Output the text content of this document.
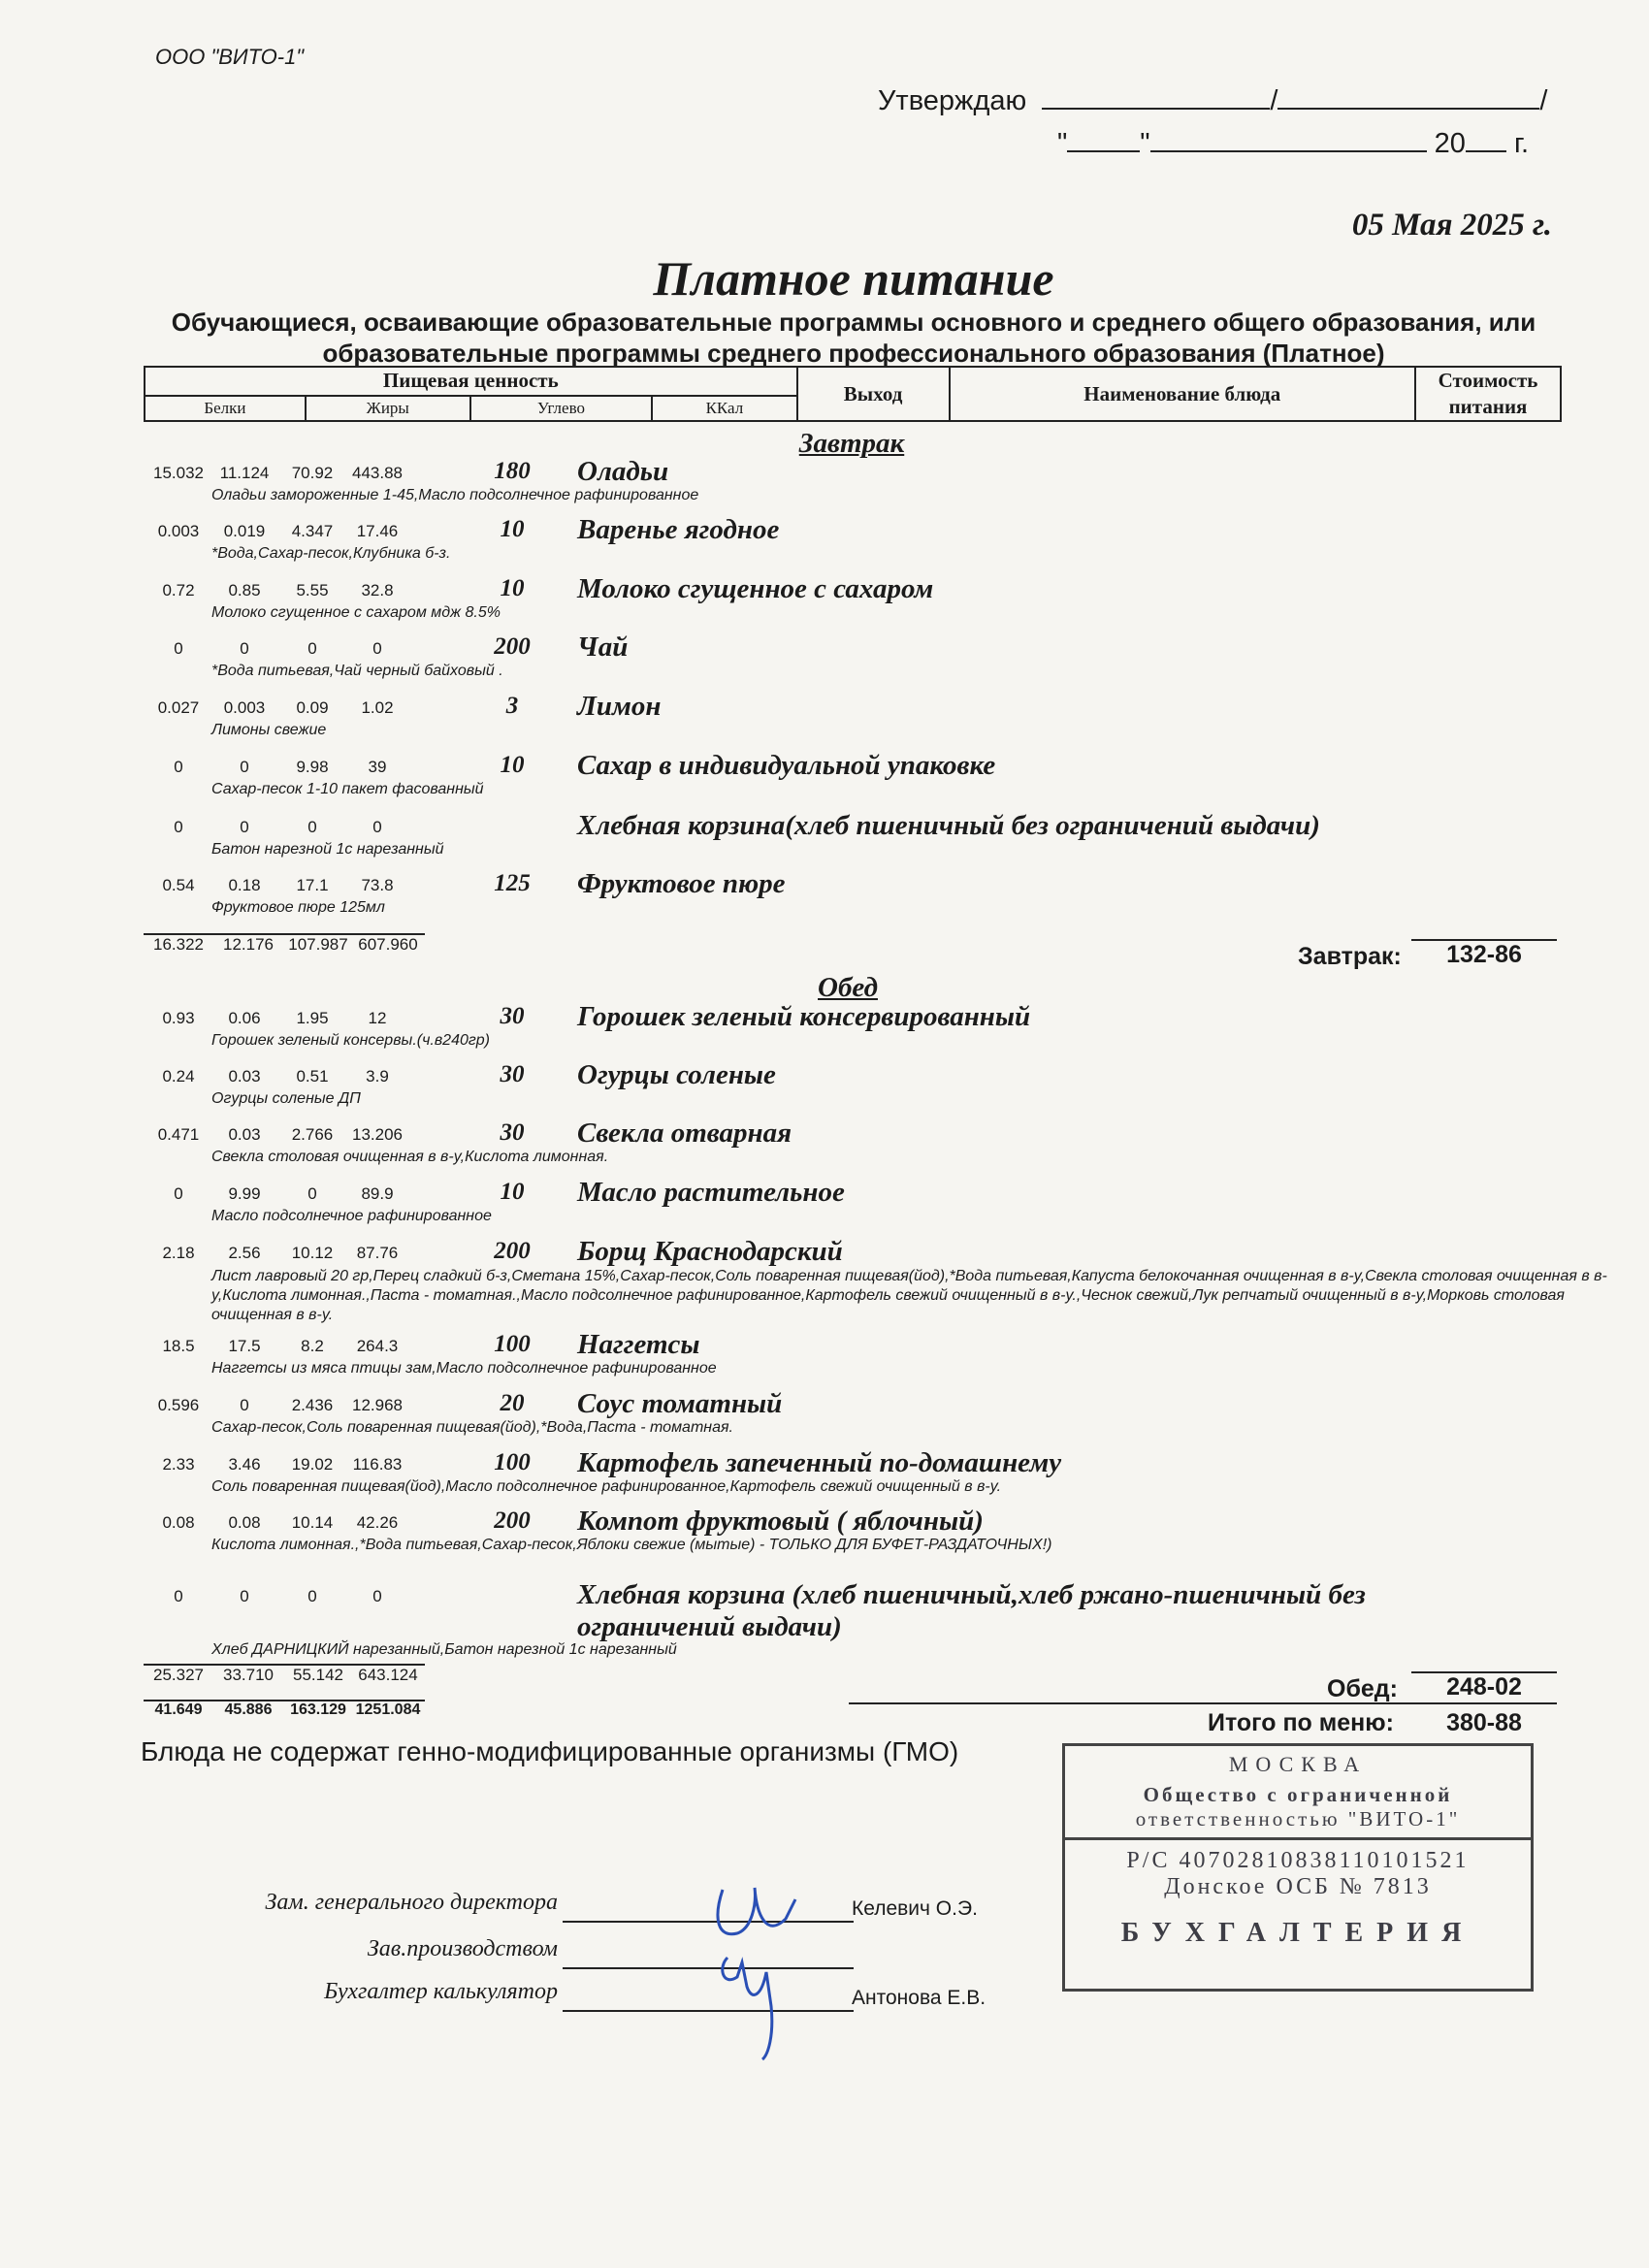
ООО "ВИТО-1"
Утверждаю	/	/
"	"	20 г.
05 Мая 2025 г.
Платное питание
Обучающиеся, осваивающие образовательные программы основного и среднего общего образования, или образовательные программы среднего профессионального образования (Платное)
Пищевая ценность				Выход	Наименование блюда	Стоимость питания
Белки	Жиры	Углево	ККал			
Завтрак
15.032 11.124	70.92	443.88	180	Оладьи
Оладьи замороженные 1-45,Масло подсолнечное рафинированное
0.003	0.019	4.347	17.46	10	Варенье ягодное
*Вода,Сахар-песок,Клубника б-з.
0.72	0.85	5.55	32.8	10	Молоко сгущенное с сахаром
Молоко сгущенное с сахаром мдж 8.5%
0	0	0	0	200	Чай
*Вода питьевая,Чай черный байховый .
0.027	0.003	0.09	1.02	3	Лимон
Лимоны свежие
0	0	9.98	39	10	Сахар в индивидуальной упаковке
Сахар-песок 1-10 пакет фасованный
0	0	0	0	Хлебная корзина(хлеб пшеничный без ограничений выдачи)
Батон нарезной 1с нарезанный
0.54	0.18	17.1	73.8	125	Фруктовое пюре
Фруктовое пюре 125мл
16.322 12.176 107.987 607.960	Завтрак:	132-86
Обед
0.93	0.06	1.95	12	30	Горошек зеленый консервированный
Горошек зеленый консервы.(ч.в240гр)
0.24	0.03	0.51	3.9	30	Огурцы соленые
Огурцы соленые ДП
0.471	0.03	2.766	13.206	30	Свекла отварная
Свекла столовая очищенная в в-у,Кислота лимонная.
0	9.99	0	89.9	10	Масло растительное
Масло подсолнечное рафинированное
2.18	2.56	10.12	87.76	200	Борщ Краснодарский
Лист лавровый 20 гр,Перец сладкий б-з,Сметана 15%,Сахар-песок,Соль поваренная пищевая(йод),*Вода питьевая,Капуста белокочанная очищенная в в-у,Свекла столовая очищенная в в-у,Кислота лимонная.,Паста - томатная.,Масло подсолнечное рафинированное,Картофель свежий очищенный в в-у.,Чеснок свежий,Лук репчатый очищенный в в-у,Морковь столовая очищенная в в-у.
18.5	17.5	8.2	264.3	100	Наггетсы
Наггетсы из мяса птицы зам,Масло подсолнечное рафинированное
0.596	0	2.436	12.968	20	Соус томатный
Сахар-песок,Соль поваренная пищевая(йод),*Вода,Паста - томатная.
2.33	3.46	19.02	116.83	100	Картофель запеченный по-домашнему
Соль поваренная пищевая(йод),Масло подсолнечное рафинированное,Картофель свежий очищенный в в-у.
0.08	0.08	10.14	42.26	200	Компот фруктовый ( яблочный)
Кислота лимонная.,*Вода питьевая,Сахар-песок,Яблоки свежие (мытые) - ТОЛЬКО ДЛЯ БУФЕТ-РАЗДАТОЧНЫХ!)
0	0	0	0	Хлебная корзина (хлеб пшеничный,хлеб ржано-пшеничный без ограничений выдачи)
Хлеб ДАРНИЦКИЙ нарезанный,Батон нарезной 1с нарезанный
25.327 33.710 55.142 643.124
41.649 45.886 163.129 1251.084
Обед:	248-02
Итого по меню:	380-88
Блюда не содержат генно-модифицированные организмы (ГМО)
Зам. генерального директора	Келевич О.Э.
Зав.производством
Бухгалтер калькулятор	Антонова Е.В.
МОСКВА
Общество с ограниченной
ответственностью "ВИТО-1"
Р/С 40702810838110101521
Донское ОСБ № 7813
БУХГАЛТЕРИЯ
